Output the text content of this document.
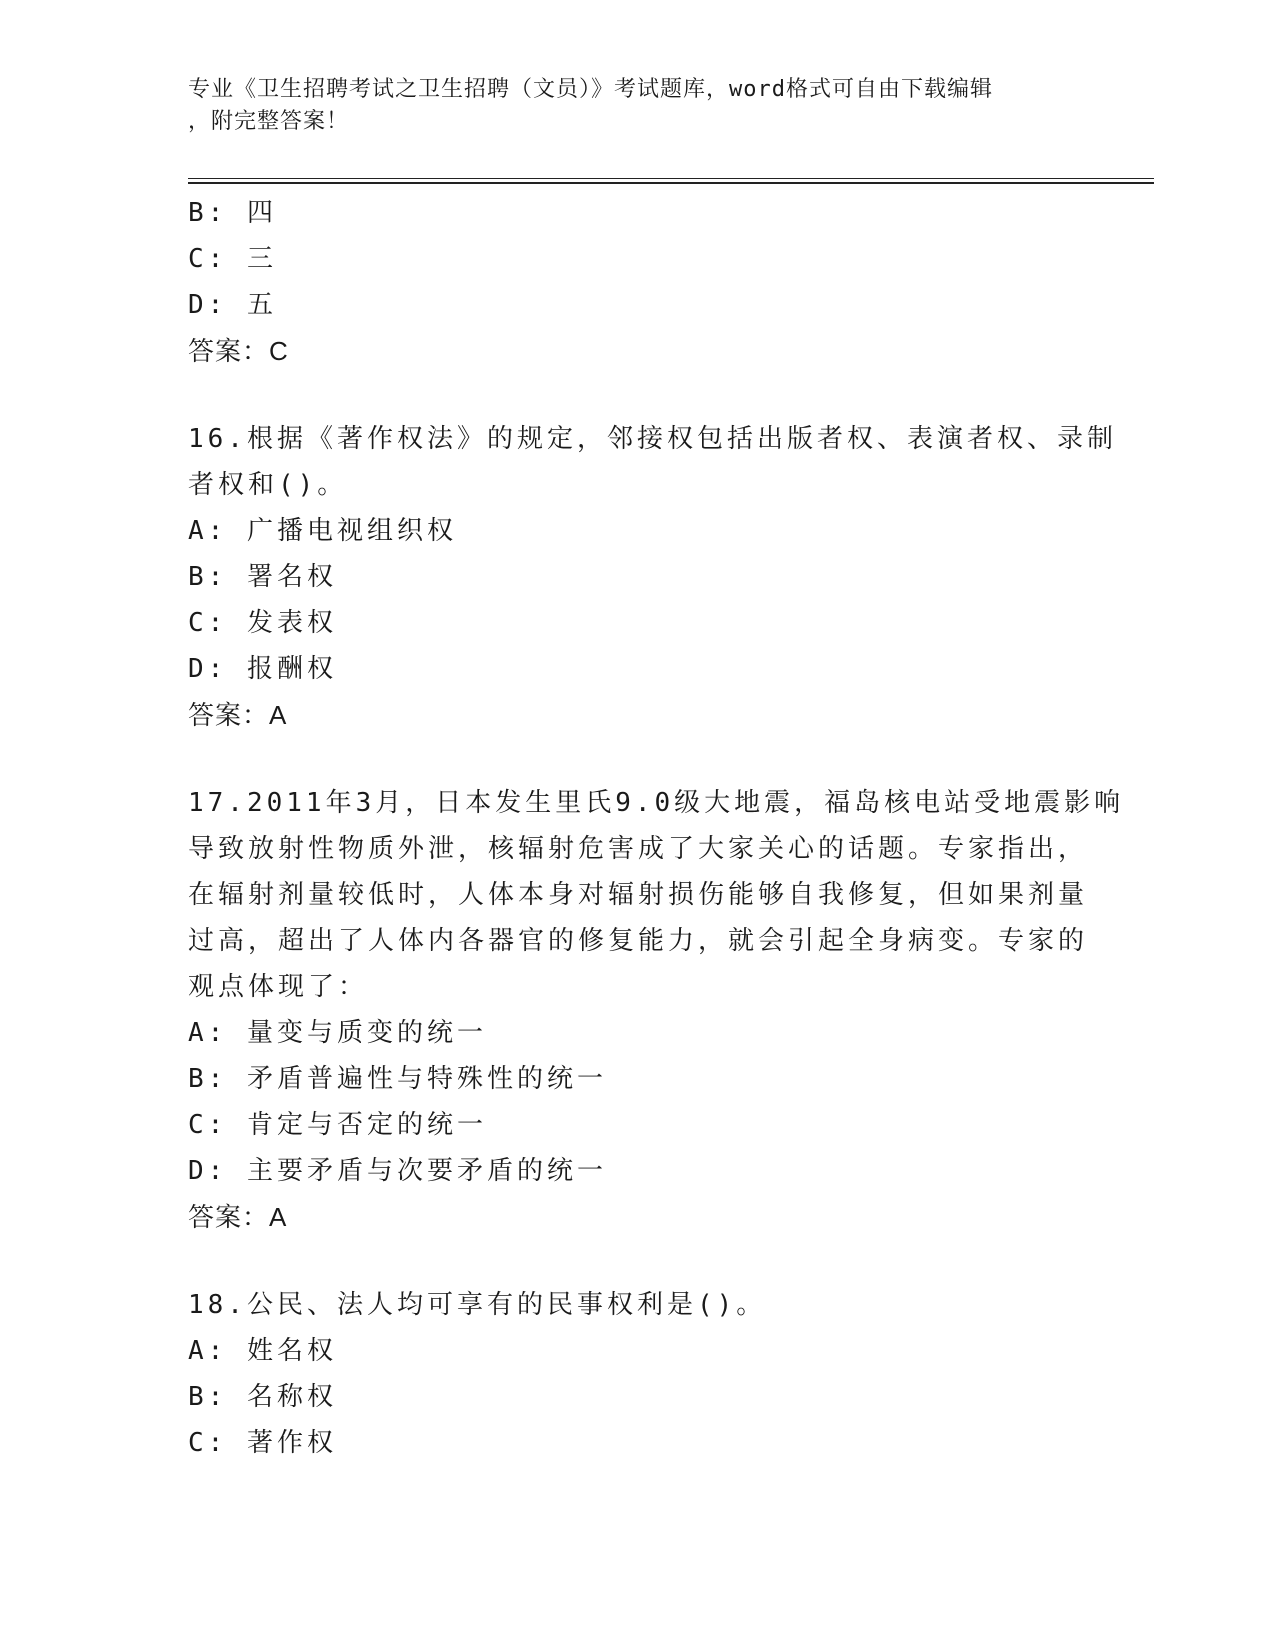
专业《卫生招聘考试之卫生招聘（文员）》考试题库，word格式可自由下载编辑
，附完整答案！
B: 四
C: 三
D: 五
答案：C
16.根据《著作权法》的规定，邻接权包括出版者权、表演者权、录制
者权和()。
A: 广播电视组织权
B: 署名权
C: 发表权
D: 报酬权
答案：A
17.2011年3月，日本发生里氏9.0级大地震，福岛核电站受地震影响
导致放射性物质外泄，核辐射危害成了大家关心的话题。专家指出，
在辐射剂量较低时，人体本身对辐射损伤能够自我修复，但如果剂量
过高，超出了人体内各器官的修复能力，就会引起全身病变。专家的
观点体现了：
A: 量变与质变的统一
B: 矛盾普遍性与特殊性的统一
C: 肯定与否定的统一
D: 主要矛盾与次要矛盾的统一
答案：A
18.公民、法人均可享有的民事权利是()。
A: 姓名权
B: 名称权
C: 著作权
